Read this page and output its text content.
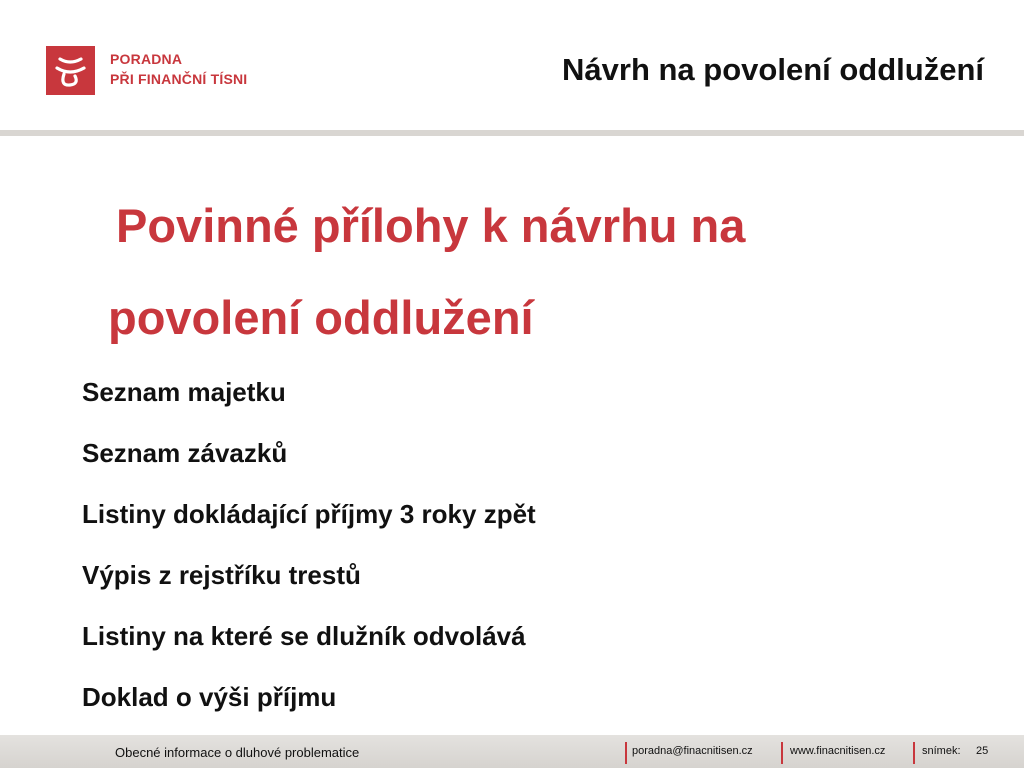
PORADNA
PŘI FINANČNÍ TÍSNI	Návrh na povolení oddlužení
Povinné přílohy k návrhu na
povolení oddlužení
Seznam majetku
Seznam závazků
Listiny dokládající příjmy 3 roky zpět
Výpis z rejstříku trestů
Listiny na které se dlužník odvolává
Doklad o výši příjmu
Obecné informace o dluhové problematice	poradna@finacnitisen.cz	www.finacnitisen.cz	snímek: 25
